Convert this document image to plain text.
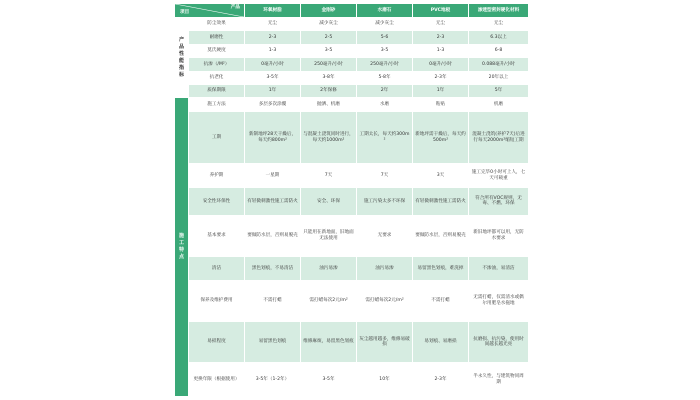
产品
项目		环氧树脂	金刚砂	水磨石	PVC地板	渗透型密封硬化材料
产品性能指标	防尘效果	无尘	减少灰尘	减少灰尘	无尘	无尘
	耐磨性	2-3	2-5	5-6	2-3	6.3以上
	莫氏硬度	1-3	3-5	3-5	1-3	6-8
	抗渗（/M²）	0毫升/小时	250毫升/小时	250毫升/小时	0毫升/小时	0.088毫升/小时
	抗老化	3-5年	3-8年	5-8年	2-3年	20年以上
	质保期限	1年	2年保修	2年	1年	5年
施工特点	施工方法	多层多次涂覆	抛洒、机磨	水磨	粘贴	机磨
	工期	新制地坪28天干燥后，每天约800m²	与混凝土浇筑同时进行，每天约1000m²	工期太长，每天约300m²	新地坪需干燥后，每天约500m²	混凝土浇筑(养护7天)后进行每天2000m²缩短工期
	养护期	一星期	7天	7天	3天	施工完毕0小时可上人，七天可载重
	安全性环保性	有轻微刺激性施工需防火	安全、环保	施工污染太多不环保	有轻微刺激性施工需防火	符合所有VOC规则，无毒、不燃、环保
	基本要求	要做防水层，否则易脱壳	只能用在新地面，旧地面无法使用	无要求	要做防水层，否则易脱壳	新旧地坪都可以用，无防水要求
	清洁	黑色划痕，不易清洁	油污易渗	油污易渗	易留黑色划痕，难洗掉	不渗油，易清洁
	保养及维护费用	不需打蜡	需打蜡每次2元/m²	需打蜡每次2元/m²	不需打蜡	无需打蜡，仅需清水或偶尔用肥皂水拖地
	易损程度	易留黑色划痕	维修麻烦，易留黑色划痕	灰尘越用越多，维修易破损	易划痕、易磨损	抗磨损、抗污染，使用时间越长越光亮
	更换年限（根据使用）	3-5年（1-2年）	3-5年	10年	2-3年	半永久性，与建筑物同周期
